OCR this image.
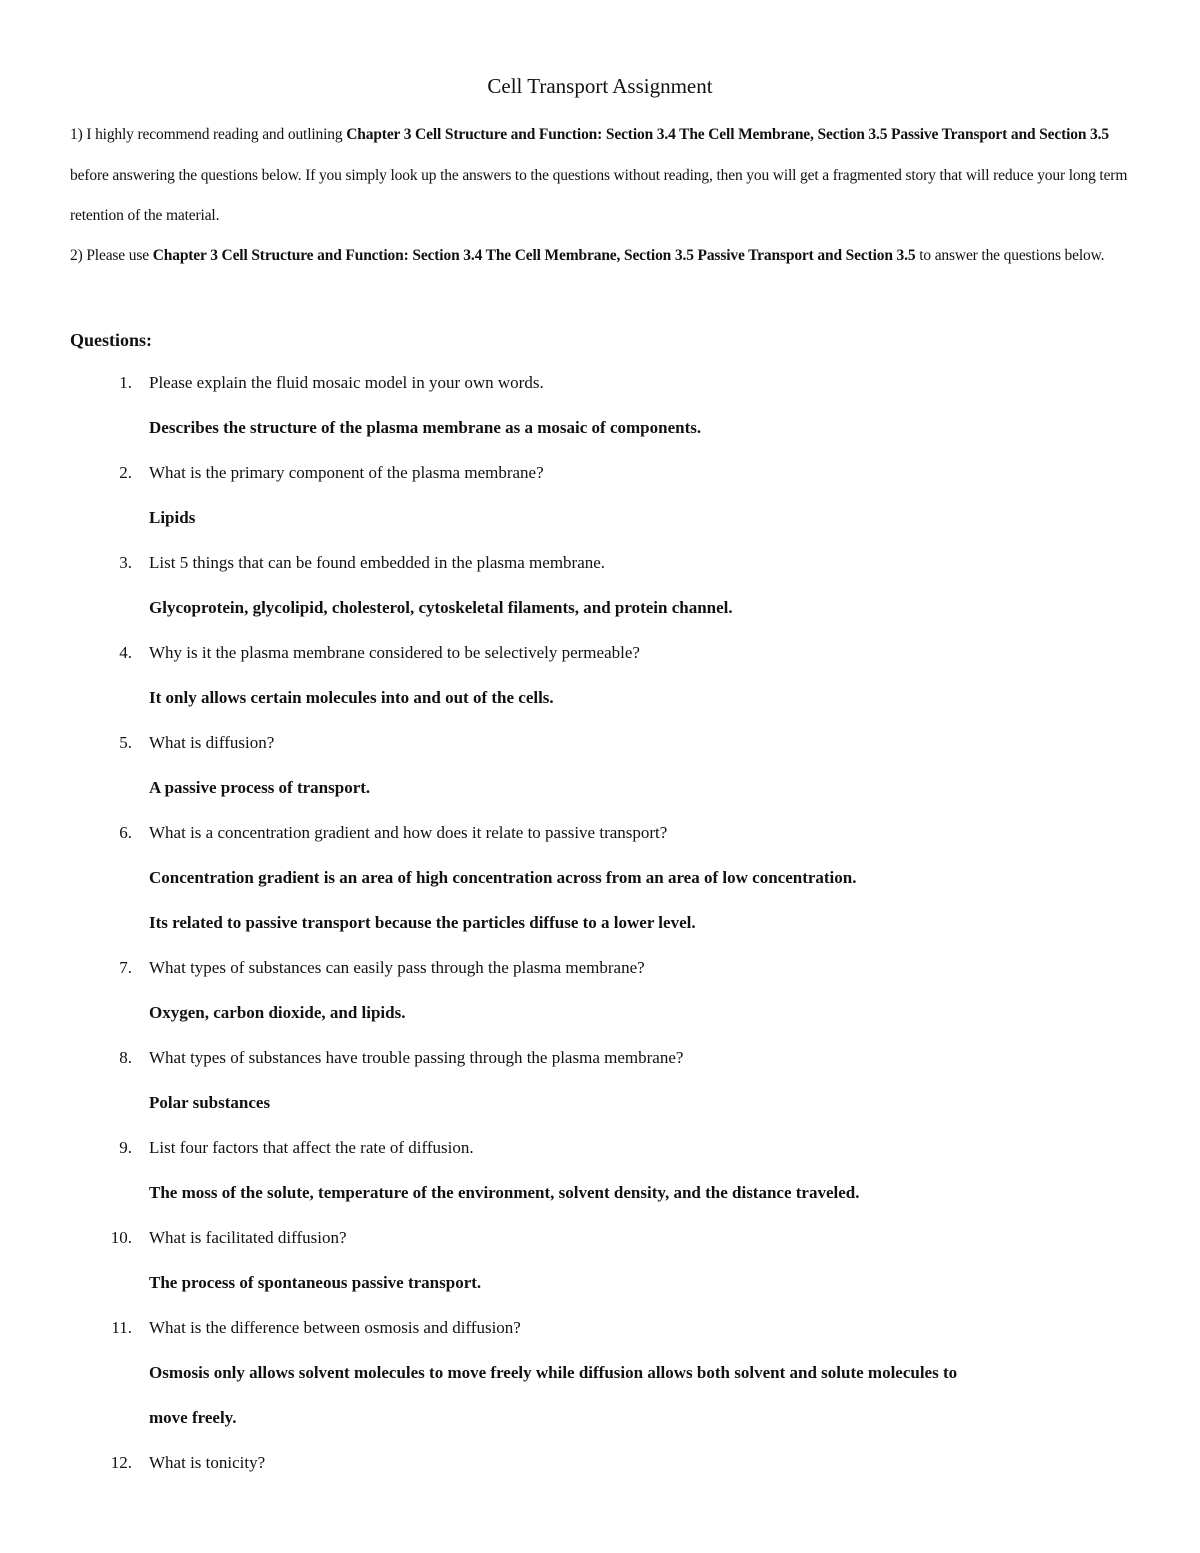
Cell Transport Assignment

1) I highly recommend reading and outlining Chapter 3 Cell Structure and Function: Section 3.4 The Cell Membrane, Section 3.5 Passive Transport and Section 3.5 before answering the questions below. If you simply look up the answers to the questions without reading, then you will get a fragmented story that will reduce your long term retention of the material.

2) Please use Chapter 3 Cell Structure and Function: Section 3.4 The Cell Membrane, Section 3.5 Passive Transport and Section 3.5 to answer the questions below.

Questions:
1. Please explain the fluid mosaic model in your own words.
Describes the structure of the plasma membrane as a mosaic of components.
2. What is the primary component of the plasma membrane?
Lipids
3. List 5 things that can be found embedded in the plasma membrane.
Glycoprotein, glycolipid, cholesterol, cytoskeletal filaments, and protein channel.
4. Why is it the plasma membrane considered to be selectively permeable?
It only allows certain molecules into and out of the cells.
5. What is diffusion?
A passive process of transport.
6. What is a concentration gradient and how does it relate to passive transport?
Concentration gradient is an area of high concentration across from an area of low concentration.
Its related to passive transport because the particles diffuse to a lower level.
7. What types of substances can easily pass through the plasma membrane?
Oxygen, carbon dioxide, and lipids.
8. What types of substances have trouble passing through the plasma membrane?
Polar substances
9. List four factors that affect the rate of diffusion.
The moss of the solute, temperature of the environment, solvent density, and the distance traveled.
10. What is facilitated diffusion?
The process of spontaneous passive transport.
11. What is the difference between osmosis and diffusion?
Osmosis only allows solvent molecules to move freely while diffusion allows both solvent and solute molecules to
move freely.
12. What is tonicity?
